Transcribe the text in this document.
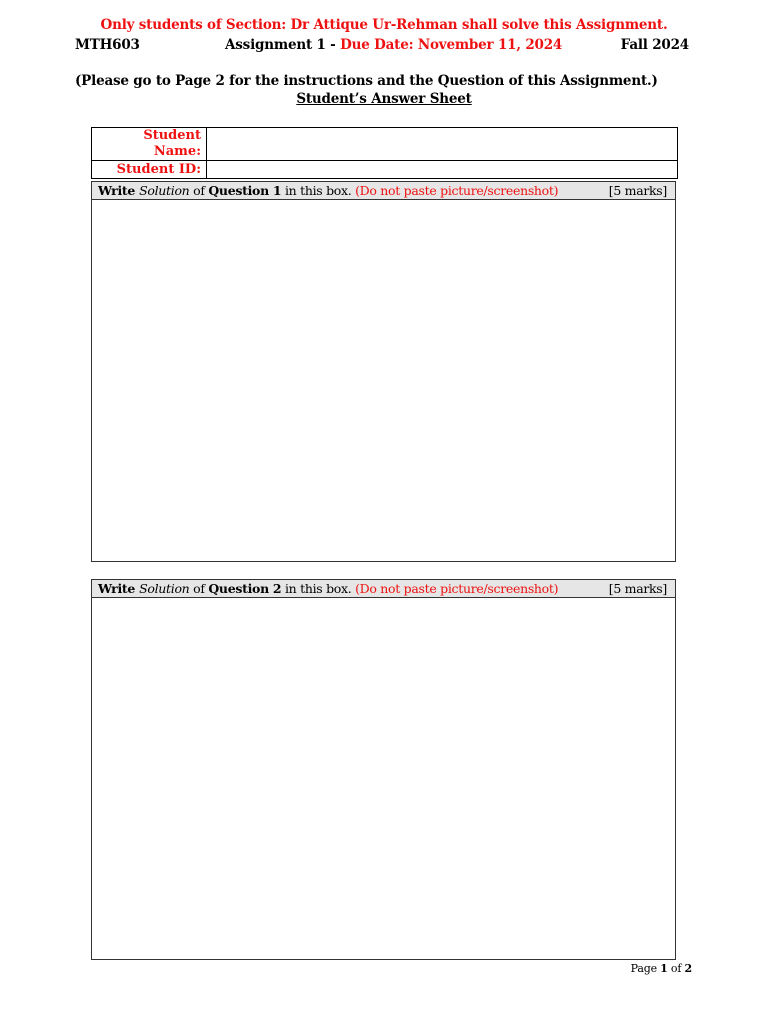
Only students of Section: Dr Attique Ur-Rehman shall solve this Assignment.
MTH603	Assignment 1 - Due Date: November 11, 2024	Fall 2024
(Please go to Page 2 for the instructions and the Question of this Assignment.)
Student’s Answer Sheet
Student Name:	
Student ID:	
Write Solution of Question 1 in this box. (Do not paste picture/screenshot)	[5 marks]
Write Solution of Question 2 in this box. (Do not paste picture/screenshot)	[5 marks]
Page 1 of 2
